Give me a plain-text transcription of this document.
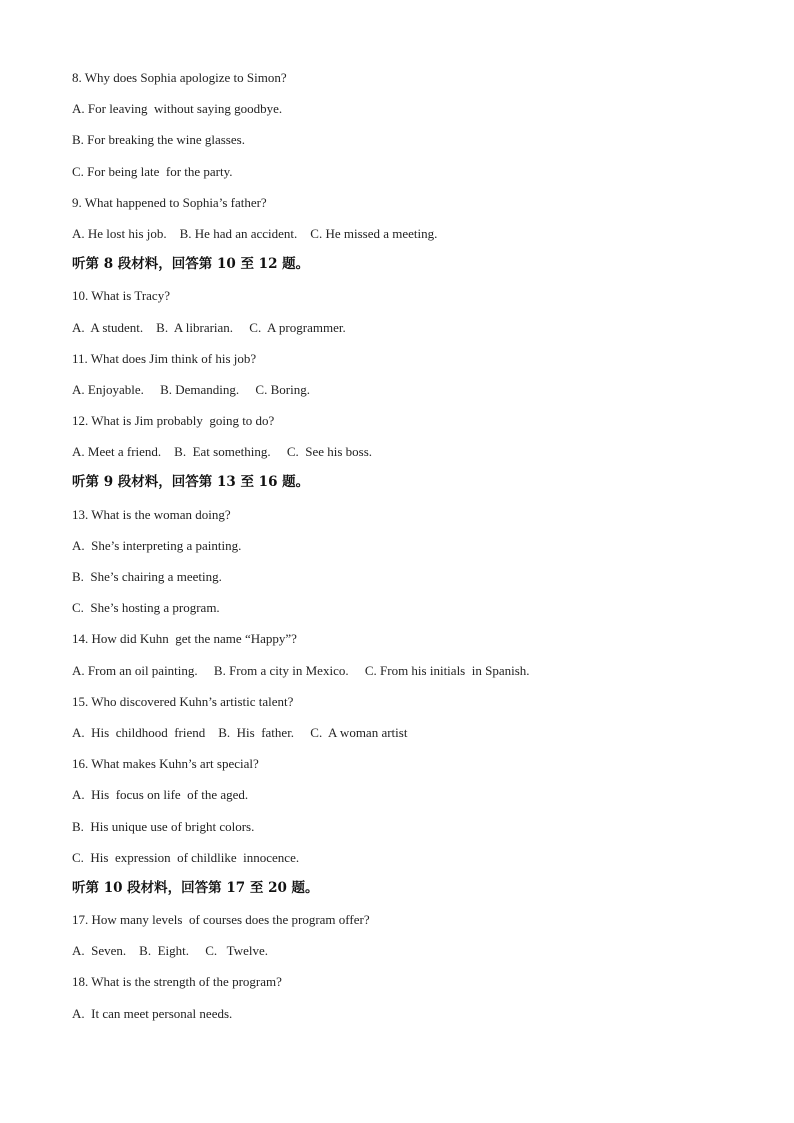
8. Why does Sophia apologize to Simon?
A. For leaving  without saying goodbye.
B. For breaking the wine glasses.
C. For being late  for the party.
9. What happened to Sophia’s father?
A. He lost his job.    B. He had an accident.    C. He missed a meeting.
听第 8 段材料，回答第 10 至 12 题。
10. What is Tracy?
A.  A student.    B.  A librarian.     C.  A programmer.
11. What does Jim think of his job?
A. Enjoyable.     B. Demanding.     C. Boring.
12. What is Jim probably  going to do?
A. Meet a friend.    B.  Eat something.     C.  See his boss.
听第 9 段材料，回答第 13 至 16 题。
13. What is the woman doing?
A.  She’s interpreting a painting.
B.  She’s chairing a meeting.
C.  She’s hosting a program.
14. How did Kuhn  get the name “Happy”?
A. From an oil painting.     B. From a city in Mexico.     C. From his initials  in Spanish.
15. Who discovered Kuhn’s artistic talent?
A.  His  childhood  friend    B.  His  father.     C.  A woman artist
16. What makes Kuhn’s art special?
A.  His  focus on life  of the aged.
B.  His unique use of bright colors.
C.  His  expression  of childlike  innocence.
听第 10 段材料，回答第 17 至 20 题。
17. How many levels  of courses does the program offer?
A.  Seven.    B.  Eight.     C.   Twelve.
18. What is the strength of the program?
A.  It can meet personal needs.
